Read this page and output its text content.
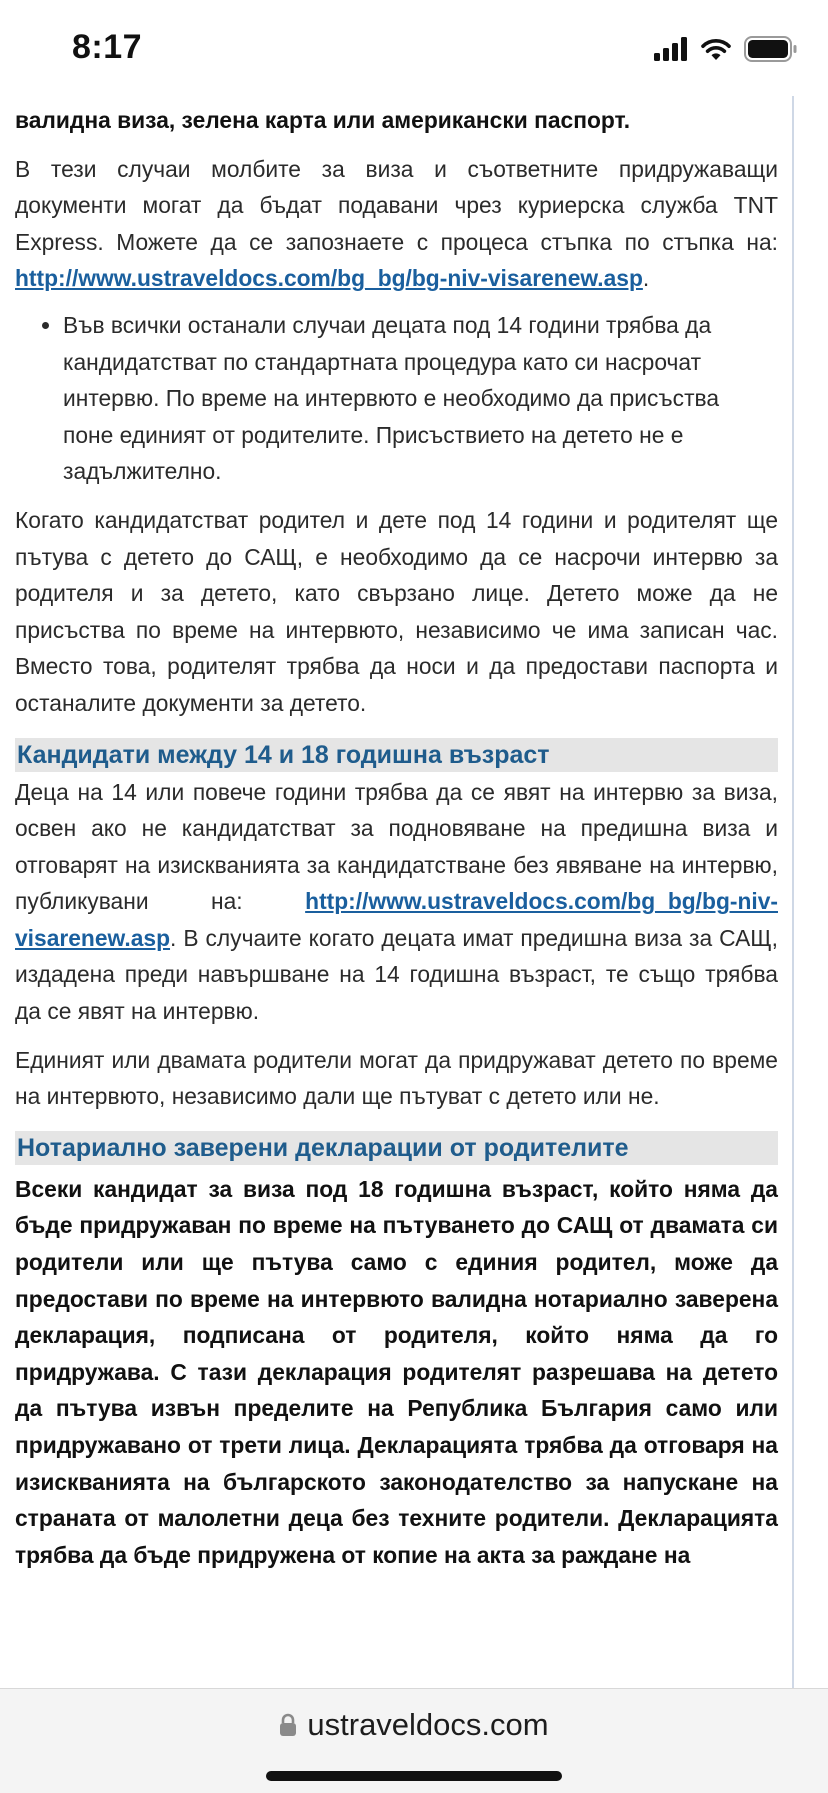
8:17

валидна виза, зелена карта или американски паспорт.

В тези случаи молбите за виза и съответните придружаващи документи могат да бъдат подавани чрез куриерска служба TNT Express. Можете да се запознаете с процеса стъпка по стъпка на: http://www.ustraveldocs.com/bg_bg/bg-niv-visarenew.asp.

• Във всички останали случаи децата под 14 години трябва да кандидатстват по стандартната процедура като си насрочат интервю. По време на интервюто е необходимо да присъства поне единият от родителите. Присъствието на детето не е задължително.

Когато кандидатстват родител и дете под 14 години и родителят ще пътува с детето до САЩ, е необходимо да се насрочи интервю за родителя и за детето, като свързано лице. Детето може да не присъства по време на интервюто, независимо че има записан час. Вместо това, родителят трябва да носи и да предостави паспорта и останалите документи за детето.

Кандидати между 14 и 18 годишна възраст

Деца на 14 или повече години трябва да се явят на интервю за виза, освен ако не кандидатстват за подновяване на предишна виза и отговарят на изискванията за кандидатстване без явяване на интервю, публикувани на: http://www.ustraveldocs.com/bg_bg/bg-niv-visarenew.asp. В случаите когато децата имат предишна виза за САЩ, издадена преди навършване на 14 годишна възраст, те също трябва да се явят на интервю.

Единият или двамата родители могат да придружават детето по време на интервюто, независимо дали ще пътуват с детето или не.

Нотариално заверени декларации от родителите

Всеки кандидат за виза под 18 годишна възраст, който няма да бъде придружаван по време на пътуването до САЩ от двамата си родители или ще пътува само с единия родител, може да предостави по време на интервюто валидна нотариално заверена декларация, подписана от родителя, който няма да го придружава. С тази декларация родителят разрешава на детето да пътува извън пределите на Република България само или придружавано от трети лица. Декларацията трябва да отговаря на изискванията на българското законодателство за напускане на страната от малолетни деца без техните родители. Декларацията трябва да бъде придружена от копие на акта за раждане на

ustraveldocs.com
